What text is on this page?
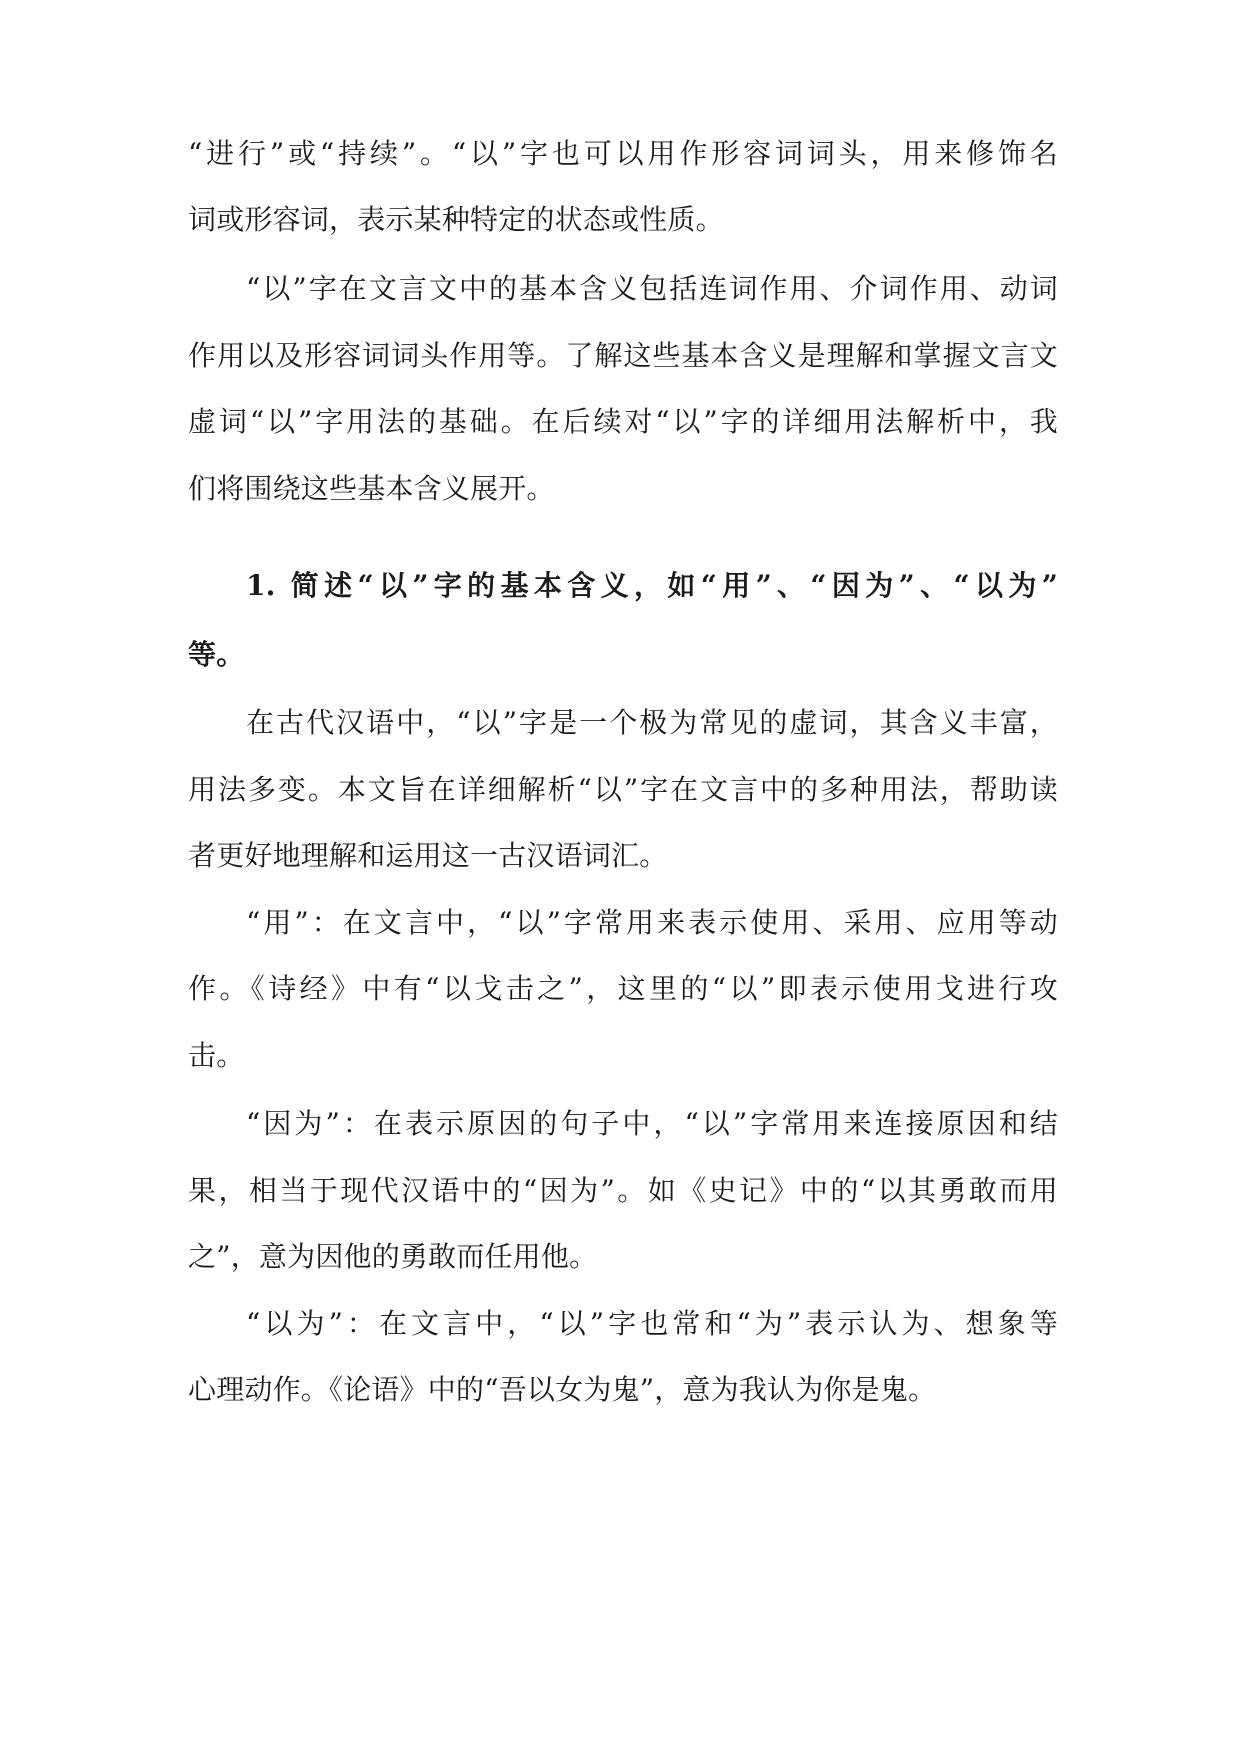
“进行”或“持续”。“以”字也可以用作形容词词头，用来修饰名
词或形容词，表示某种特定的状态或性质。
“以”字在文言文中的基本含义包括连词作用、介词作用、动词
作用以及形容词词头作用等。了解这些基本含义是理解和掌握文言文
虚词“以”字用法的基础。在后续对“以”字的详细用法解析中，我
们将围绕这些基本含义展开。
1. 简述“以”字的基本含义，如“用”、“因为”、“以为”
等。
在古代汉语中，“以”字是一个极为常见的虚词，其含义丰富，
用法多变。本文旨在详细解析“以”字在文言中的多种用法，帮助读
者更好地理解和运用这一古汉语词汇。
“用”：在文言中，“以”字常用来表示使用、采用、应用等动
作。《诗经》中有“以戈击之”，这里的“以”即表示使用戈进行攻
击。
“因为”：在表示原因的句子中，“以”字常用来连接原因和结
果，相当于现代汉语中的“因为”。如《史记》中的“以其勇敢而用
之”，意为因他的勇敢而任用他。
“以为”：在文言中，“以”字也常和“为”表示认为、想象等
心理动作。《论语》中的“吾以女为鬼”，意为我认为你是鬼。
